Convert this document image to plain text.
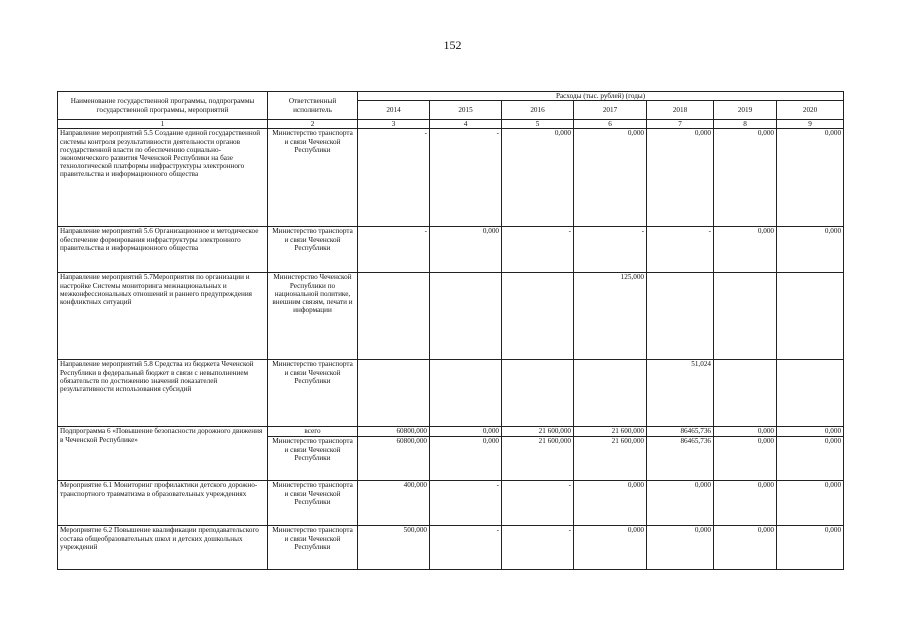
152
Наименование государственной программы, подпрограммы государственной программы, мероприятий	Ответственный исполнитель	Расходы (тыс. рублей) (годы)						
		2014	2015	2016	2017	2018	2019	2020
1	2	3	4	5	6	7	8	9
Направление мероприятий 5.5 Создание единой государственной системы контроля результативности деятельности органов государственной власти по обеспечению социально-экономического развития Чеченской Республики на базе технологической платформы инфраструктуры электронного правительства и информационного общества	Министерство транспорта и связи Чеченской Республики	-	-	0,000	0,000	0,000	0,000	0,000
Направление мероприятий 5.6 Организационное и методическое обеспечение формирования инфраструктуры электронного правительства и информационного общества	Министерство транспорта и связи Чеченской Республики	-	0,000	-	-	-	0,000	0,000
Направление мероприятий 5.7Мероприятия по организации и настройке Системы мониторинга межнациональных и межконфессиональных отношений и раннего предупреждения конфликтных ситуаций	Министерство Чеченской Республики по национальной политике, внешним связям, печати и информации				125,000			
Направление мероприятий 5.8 Средства из бюджета Чеченской Республики в федеральный бюджет в связи с невыполнением обязательств по достижению значений показателей результативности использования субсидий	Министерство транспорта и связи Чеченской Республики					51,024		
Подпрограмма 6 «Повышение безопасности дорожного движения в Чеченской Республике»	всего	60800,000	0,000	21 600,000	21 600,000	86465,736	0,000	0,000
	Министерство транспорта и связи Чеченской Республики	60800,000	0,000	21 600,000	21 600,000	86465,736	0,000	0,000
Мероприятие 6.1 Мониторинг профилактики детского дорожно-транспортного травматизма в образовательных учреждениях	Министерство транспорта и связи Чеченской Республики	400,000	-	-	0,000	0,000	0,000	0,000
Мероприятие 6.2 Повышение квалификации преподавательского состава общеобразовательных школ и детских дошкольных учреждений	Министерство транспорта и связи Чеченской Республики	500,000	-	-	0,000	0,000	0,000	0,000
